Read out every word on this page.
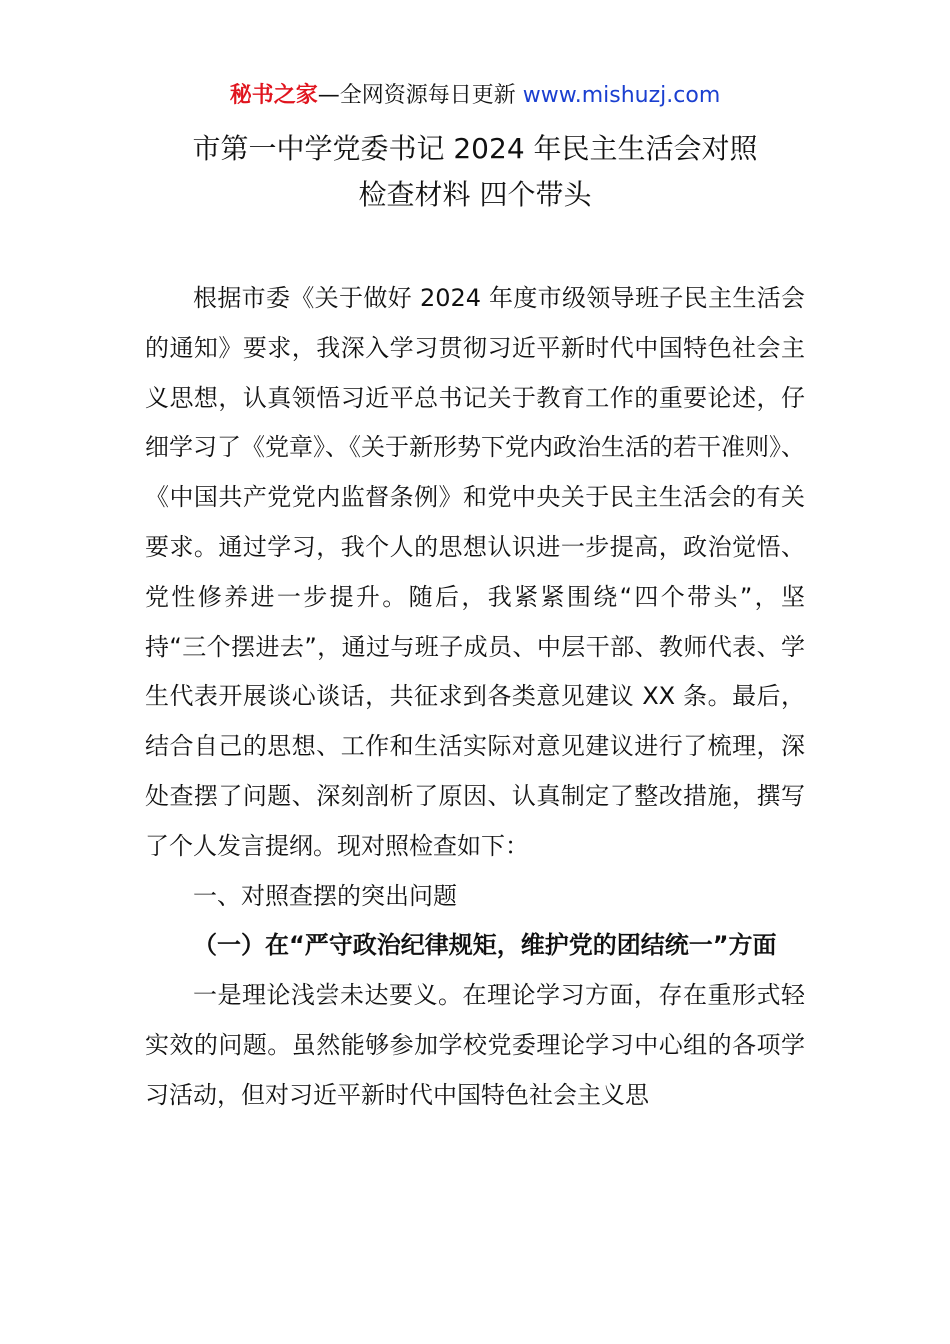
秘书之家—全网资源每日更新 www.mishuzj.com
市第一中学党委书记 2024 年民主生活会对照
检查材料 四个带头

根据市委《关于做好 2024 年度市级领导班子民主生活会的通知》要求，我深入学习贯彻习近平新时代中国特色社会主义思想，认真领悟习近平总书记关于教育工作的重要论述，仔细学习了《党章》、《关于新形势下党内政治生活的若干准则》、《中国共产党党内监督条例》和党中央关于民主生活会的有关要求。通过学习，我个人的思想认识进一步提高，政治觉悟、党性修养进一步提升。随后，我紧紧围绕“四个带头”，坚持“三个摆进去”，通过与班子成员、中层干部、教师代表、学生代表开展谈心谈话，共征求到各类意见建议 XX 条。最后，结合自己的思想、工作和生活实际对意见建议进行了梳理，深处查摆了问题、深刻剖析了原因、认真制定了整改措施，撰写了个人发言提纲。现对照检查如下：

一、对照查摆的突出问题

（一）在“严守政治纪律规矩，维护党的团结统一”方面

一是理论浅尝未达要义。在理论学习方面，存在重形式轻实效的问题。虽然能够参加学校党委理论学习中心组的各项学习活动，但对习近平新时代中国特色社会主义思
